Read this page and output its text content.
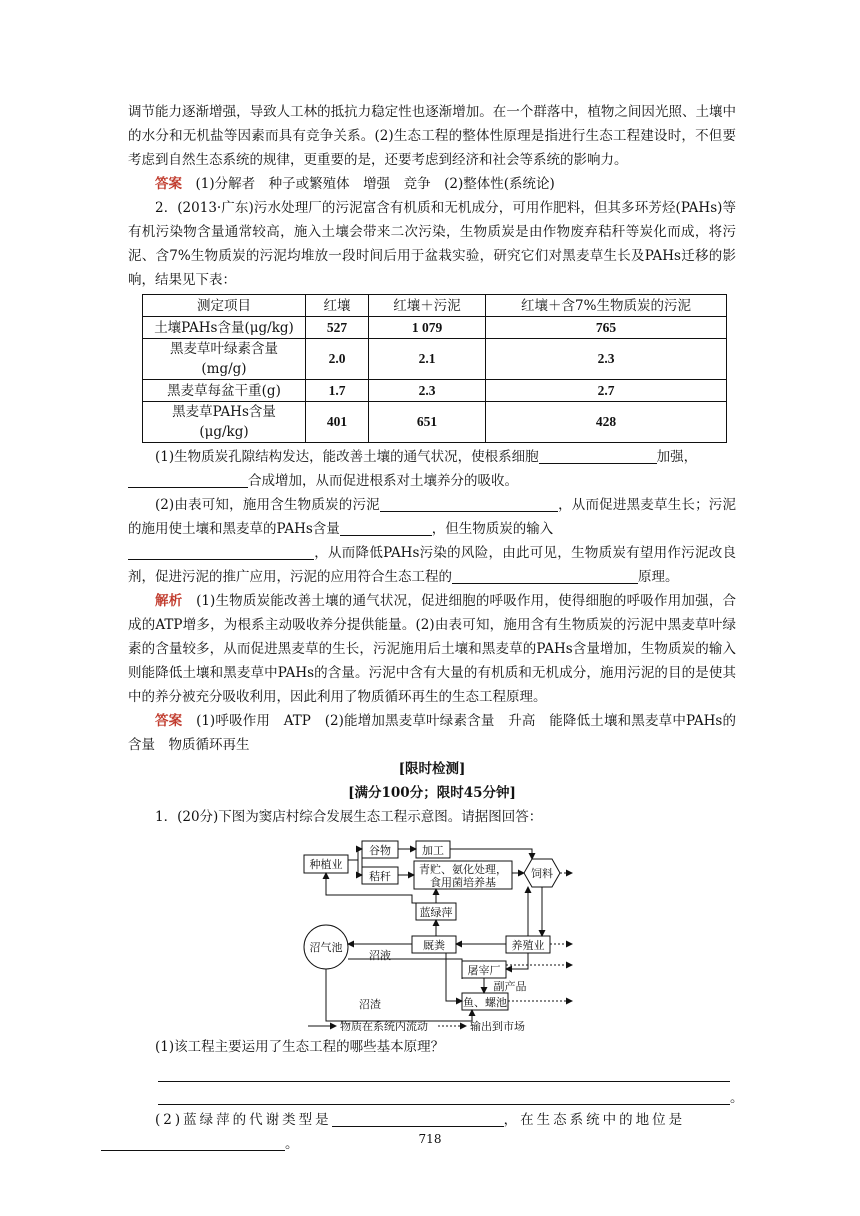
调节能力逐渐增强，导致人工林的抵抗力稳定性也逐渐增加。在一个群落中，植物之间因光照、土壤中的水分和无机盐等因素而具有竞争关系。(2)生态工程的整体性原理是指进行生态工程建设时，不但要考虑到自然生态系统的规律，更重要的是，还要考虑到经济和社会等系统的影响力。

答案　 (1)分解者　种子或繁殖体　增强　竞争　(2)整体性(系统论)

2．(2013·广东)污水处理厂的污泥富含有机质和无机成分，可用作肥料，但其多环芳烃(PAHs)等有机污染物含量通常较高，施入土壤会带来二次污染，生物质炭是由作物废弃秸秆等炭化而成，将污泥、含7%生物质炭的污泥均堆放一段时间后用于盆栽实验，研究它们对黑麦草生长及PAHs迁移的影响，结果见下表：

测定项目	红壤	红壤＋污泥	红壤＋含7%生物质炭的污泥
土壤PAHs含量(μg/kg)	527	1 079	765
黑麦草叶绿素含量(mg/g)	2.0	2.1	2.3
黑麦草每盆干重(g)	1.7	2.3	2.7
黑麦草PAHs含量(μg/kg)	401	651	428

(1)生物质炭孔隙结构发达，能改善土壤的通气状况，使根系细胞	加强，
合成增加，从而促进根系对土壤养分的吸收。

(2)由表可知，施用含生物质炭的污泥	，从而促进黑麦草生长；污泥的施用使土壤和黑麦草的PAHs含量	，但生物质炭的输入
，从而降低PAHs污染的风险，由此可见，生物质炭有望用作污泥改良剂，促进污泥的推广应用，污泥的应用符合生态工程的	原理。

解析　 (1)生物质炭能改善土壤的通气状况，促进细胞的呼吸作用，使得细胞的呼吸作用加强，合成的ATP增多，为根系主动吸收养分提供能量。(2)由表可知，施用含有生物质炭的污泥中黑麦草叶绿素的含量较多，从而促进黑麦草的生长，污泥施用后土壤和黑麦草的PAHs含量增加，生物质炭的输入则能降低土壤和黑麦草中PAHs的含量。污泥中含有大量的有机质和无机成分，施用污泥的目的是使其中的养分被充分吸收利用，因此利用了物质循环再生的生态工程原理。

答案　 (1)呼吸作用　ATP　(2)能增加黑麦草叶绿素含量　升高　能降低土壤和黑麦草中PAHs的含量　物质循环再生

[限时检测]

[满分100分；限时45分钟]

1．(20分)下图为窦店村综合发展生态工程示意图。请据图回答：

种植业
谷物
秸秆
加工
青贮、氨化处理，
食用菌培养基
饲料
蓝绿萍
沼气池	厩粪	养殖业
屠宰厂
鱼、螺池
沼液
副产品
沼渣
物质在系统内流动	输出到市场

(1)该工程主要运用了生态工程的哪些基本原理？

。

(2)蓝绿萍的代谢类型是	，在生态系统中的地位是
。	718
